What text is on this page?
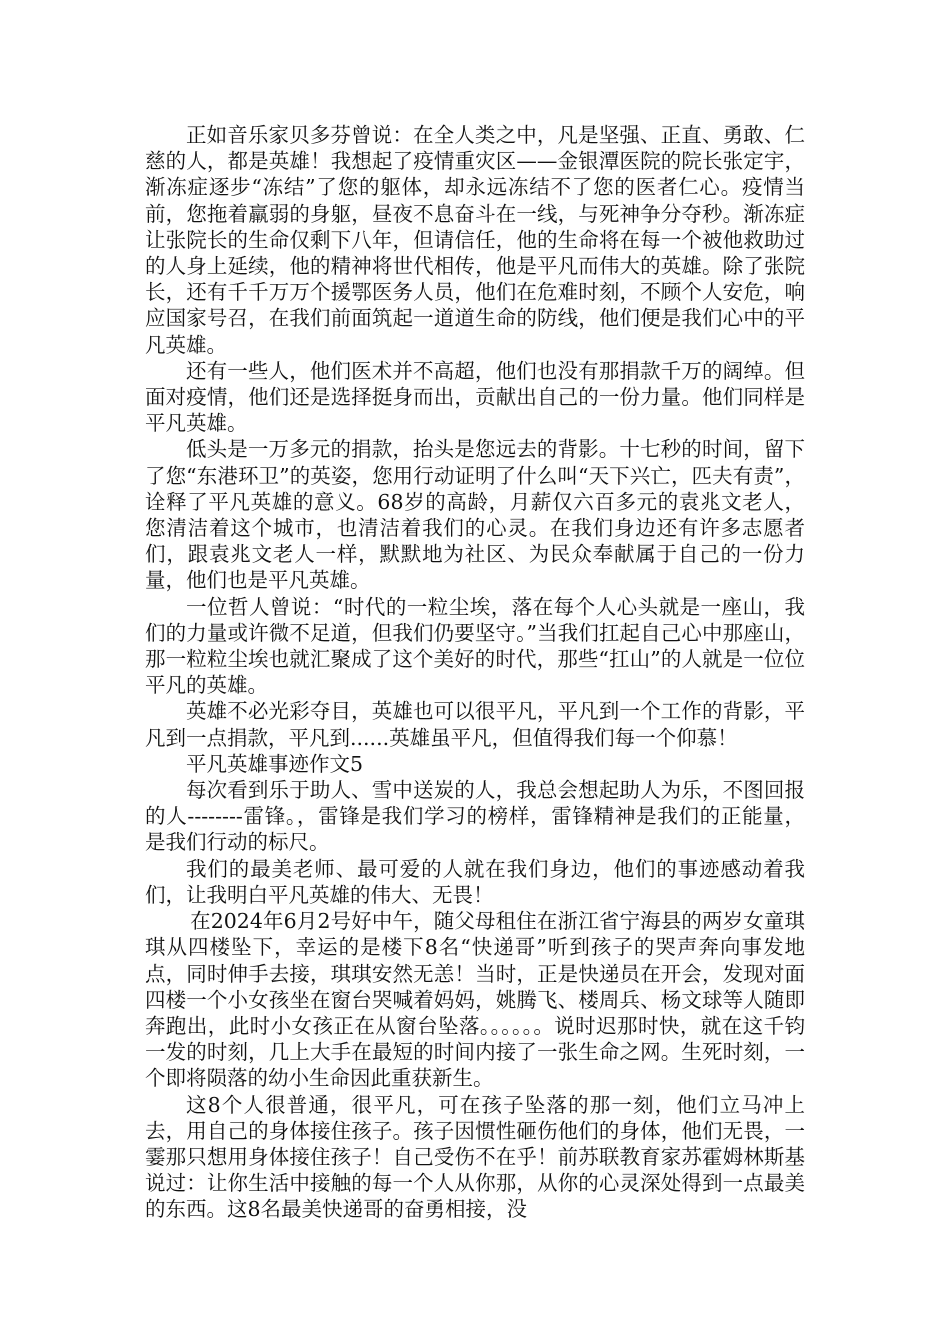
正如音乐家贝多芬曾说：在全人类之中，凡是坚强、正直、勇敢、仁慈的人，都是英雄！我想起了疫情重灾区——金银潭医院的院长张定宇，渐冻症逐步“冻结”了您的躯体，却永远冻结不了您的医者仁心。疫情当前，您拖着羸弱的身躯，昼夜不息奋斗在一线，与死神争分夺秒。渐冻症让张院长的生命仅剩下八年，但请信任，他的生命将在每一个被他救助过的人身上延续，他的精神将世代相传，他是平凡而伟大的英雄。除了张院长，还有千千万万个援鄂医务人员，他们在危难时刻，不顾个人安危，响应国家号召，在我们前面筑起一道道生命的防线，他们便是我们心中的平凡英雄。

还有一些人，他们医术并不高超，他们也没有那捐款千万的阔绰。但面对疫情，他们还是选择挺身而出，贡献出自己的一份力量。他们同样是平凡英雄。

低头是一万多元的捐款，抬头是您远去的背影。十七秒的时间，留下了您“东港环卫”的英姿，您用行动证明了什么叫“天下兴亡，匹夫有责”，诠释了平凡英雄的意义。68岁的高龄，月薪仅六百多元的袁兆文老人，您清洁着这个城市，也清洁着我们的心灵。在我们身边还有许多志愿者们，跟袁兆文老人一样，默默地为社区、为民众奉献属于自己的一份力量，他们也是平凡英雄。

一位哲人曾说：“时代的一粒尘埃，落在每个人心头就是一座山，我们的力量或许微不足道，但我们仍要坚守。”当我们扛起自己心中那座山，那一粒粒尘埃也就汇聚成了这个美好的时代，那些“扛山”的人就是一位位平凡的英雄。

英雄不必光彩夺目，英雄也可以很平凡，平凡到一个工作的背影，平凡到一点捐款，平凡到......英雄虽平凡，但值得我们每一个仰慕！

平凡英雄事迹作文5

每次看到乐于助人、雪中送炭的人，我总会想起助人为乐，不图回报的人--------雷锋。，雷锋是我们学习的榜样，雷锋精神是我们的正能量，是我们行动的标尺。

我们的最美老师、最可爱的人就在我们身边，他们的事迹感动着我们，让我明白平凡英雄的伟大、无畏！

在2024年6月2号好中午，随父母租住在浙江省宁海县的两岁女童琪琪从四楼坠下，幸运的是楼下8名“快递哥”听到孩子的哭声奔向事发地点，同时伸手去接，琪琪安然无恙！当时，正是快递员在开会，发现对面四楼一个小女孩坐在窗台哭喊着妈妈，姚腾飞、楼周兵、杨文球等人随即奔跑出，此时小女孩正在从窗台坠落。。。。。。说时迟那时快，就在这千钧一发的时刻，几上大手在最短的时间内接了一张生命之网。生死时刻，一个即将陨落的幼小生命因此重获新生。

这8个人很普通，很平凡，可在孩子坠落的那一刻，他们立马冲上去，用自己的身体接住孩子。孩子因惯性砸伤他们的身体，他们无畏，一霎那只想用身体接住孩子！自己受伤不在乎！前苏联教育家苏霍姆林斯基说过：让你生活中接触的每一个人从你那，从你的心灵深处得到一点最美的东西。这8名最美快递哥的奋勇相接，没
